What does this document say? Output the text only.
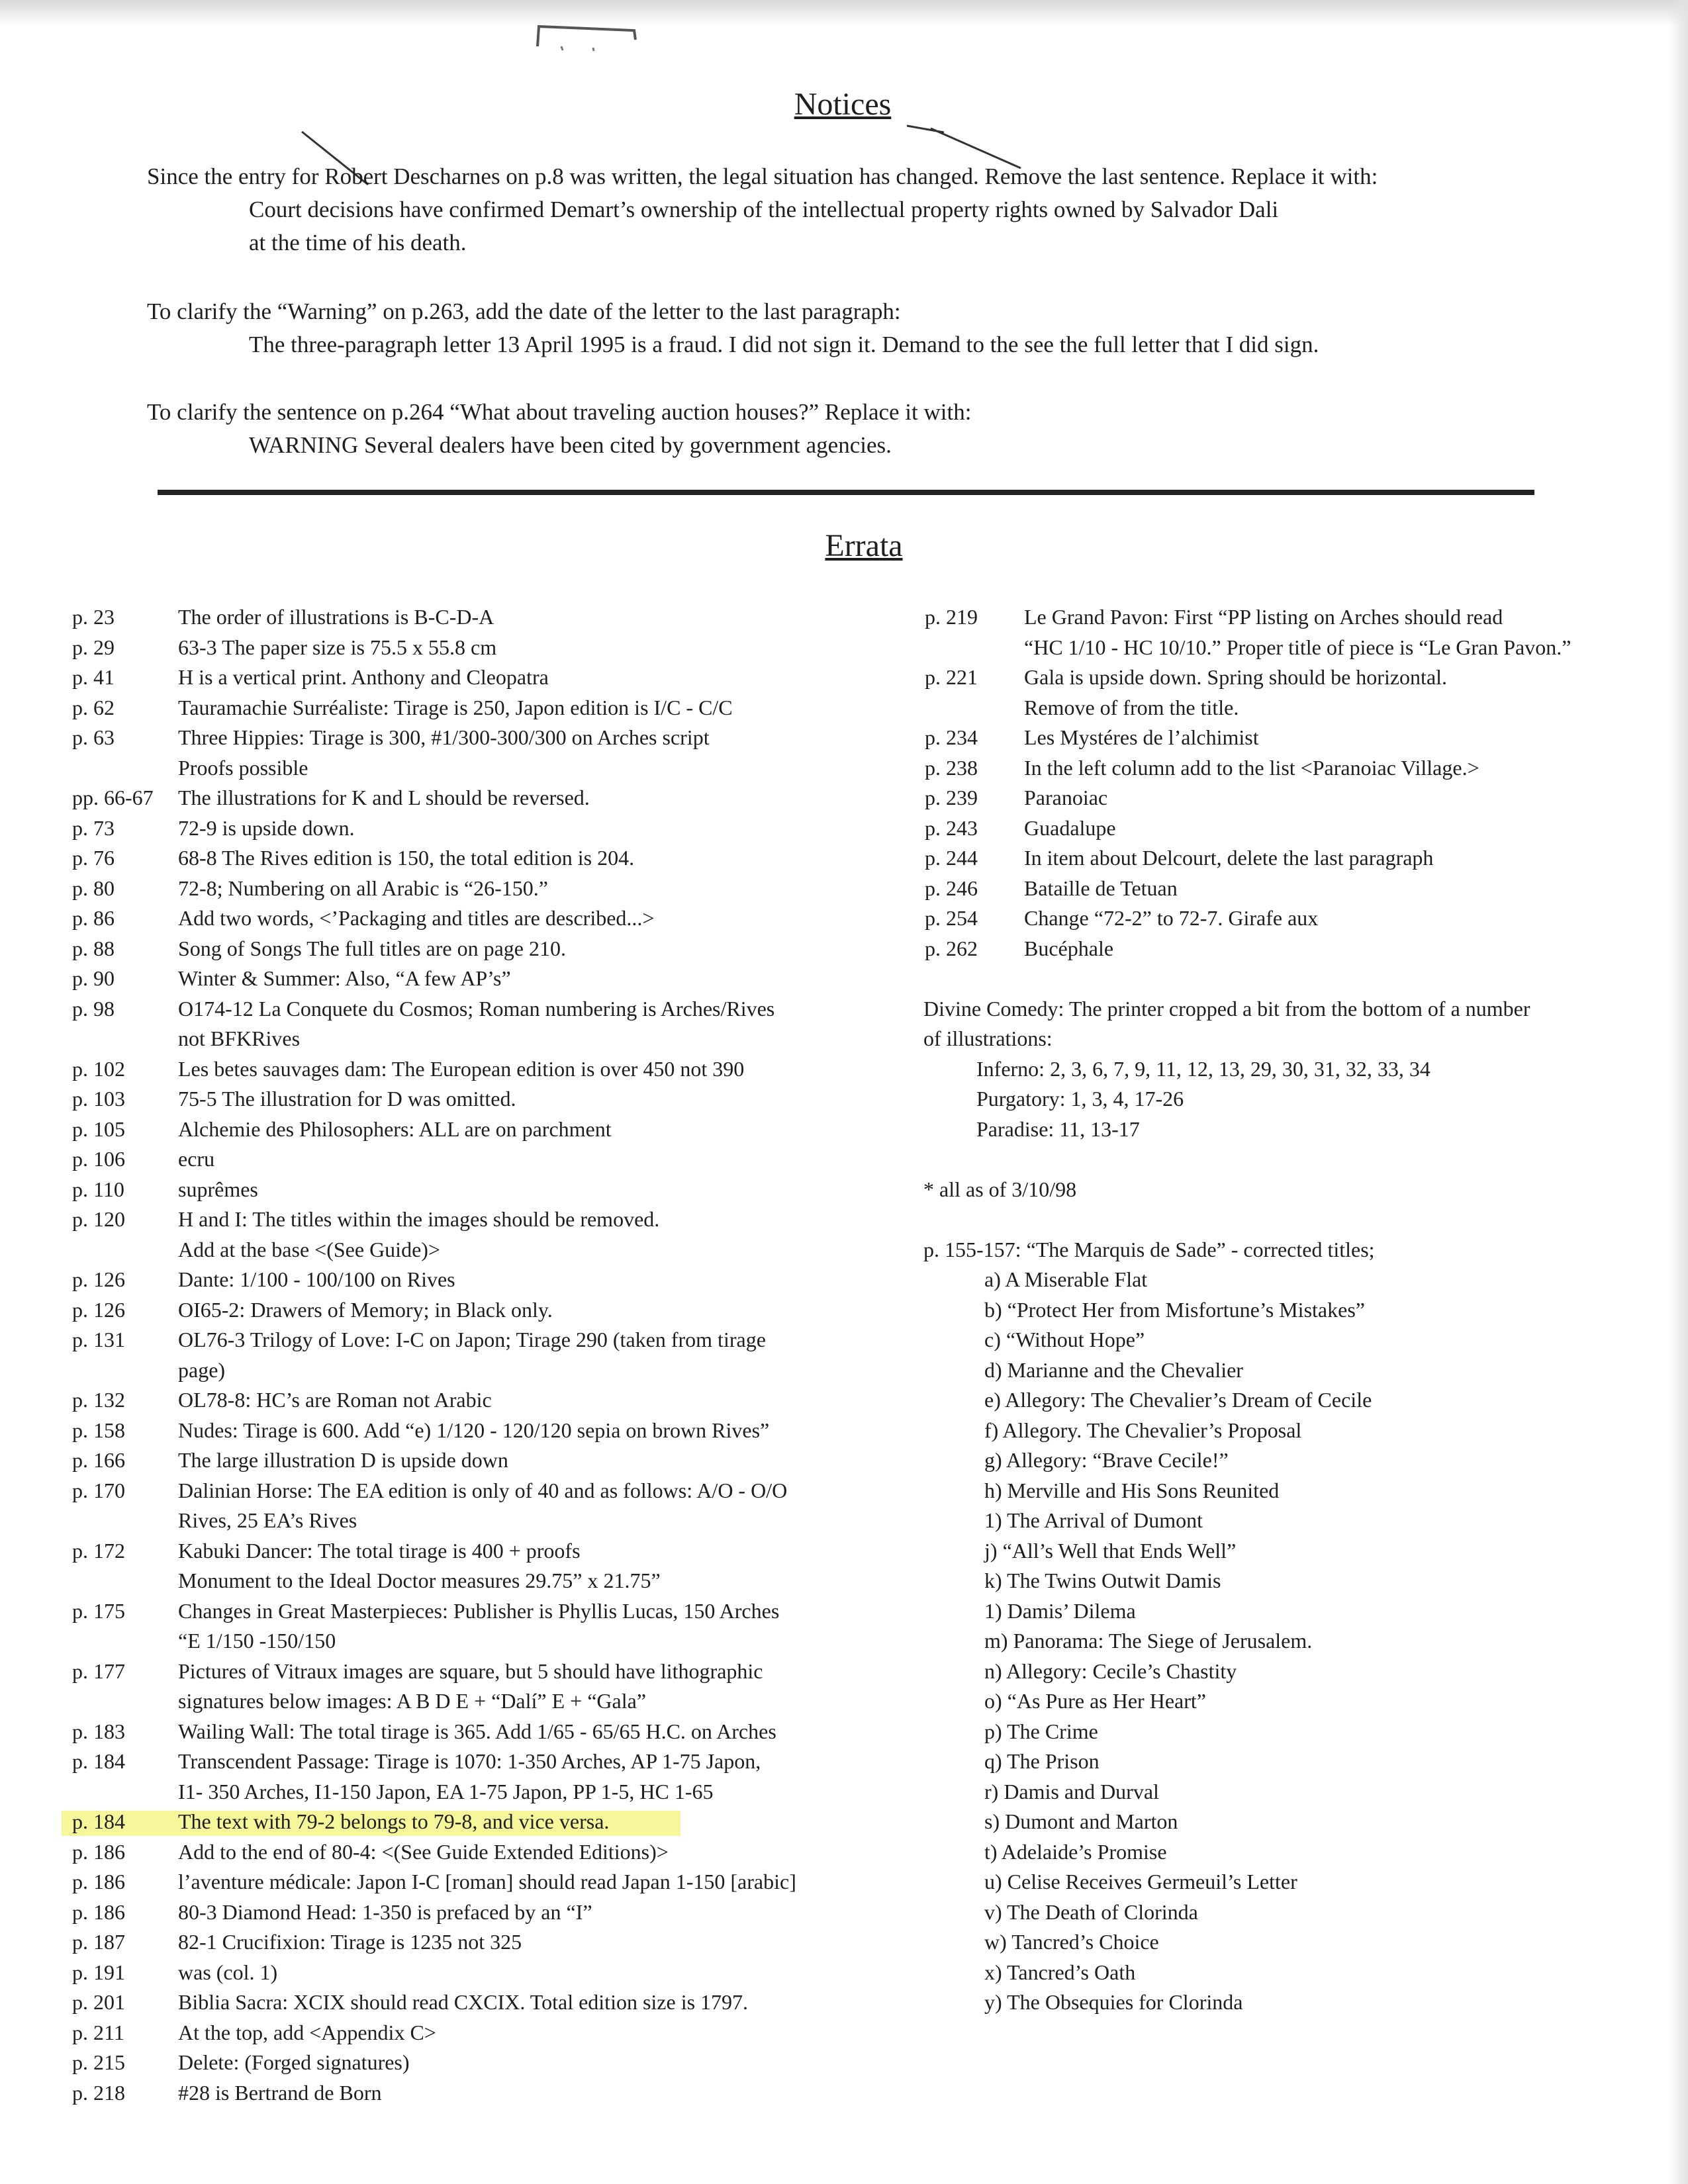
Notices

Since the entry for Robert Descharnes on p.8 was written, the legal situation has changed. Remove the last sentence. Replace it with:

Court decisions have confirmed Demart’s ownership of the intellectual property rights owned by Salvador Dali

at the time of his death.

To clarify the “Warning” on p.263, add the date of the letter to the last paragraph:

The three-paragraph letter 13 April 1995 is a fraud. I did not sign it. Demand to the see the full letter that I did sign.

To clarify the sentence on p.264 “What about traveling auction houses?” Replace it with:

WARNING Several dealers have been cited by government agencies.

Errata
p. 23	The order of illustrations is B-C-D-A
p. 29	63-3 The paper size is 75.5 x 55.8 cm
p. 41	H is a vertical print. Anthony and Cleopatra
p. 62	Tauramachie Surréaliste: Tirage is 250, Japon edition is I/C - C/C
p. 63	Three Hippies: Tirage is 300, #1/300-300/300 on Arches script
Proofs possible
pp. 66-67	The illustrations for K and L should be reversed.
p. 73	72-9 is upside down.
p. 76	68-8 The Rives edition is 150, the total edition is 204.
p. 80	72-8; Numbering on all Arabic is “26-150.”
p. 86	Add two words, <’Packaging and titles are described...>
p. 88	Song of Songs The full titles are on page 210.
p. 90	Winter & Summer: Also, “A few AP’s”
p. 98	O174-12 La Conquete du Cosmos; Roman numbering is Arches/Rives
not BFKRives
p. 102	Les betes sauvages dam: The European edition is over 450 not 390
p. 103	75-5 The illustration for D was omitted.
p. 105	Alchemie des Philosophers: ALL are on parchment
p. 106	ecru
p. 110	suprêmes
p. 120	H and I: The titles within the images should be removed.
Add at the base <(See Guide)>
p. 126	Dante: 1/100 - 100/100 on Rives
p. 126	OI65-2: Drawers of Memory; in Black only.
p. 131	OL76-3 Trilogy of Love: I-C on Japon; Tirage 290 (taken from tirage
page)
p. 132	OL78-8: HC’s are Roman not Arabic
p. 158	Nudes: Tirage is 600. Add “e) 1/120 - 120/120 sepia on brown Rives”
p. 166	The large illustration D is upside down
p. 170	Dalinian Horse: The EA edition is only of 40 and as follows: A/O - O/O
Rives, 25 EA’s Rives
p. 172	Kabuki Dancer: The total tirage is 400 + proofs
Monument to the Ideal Doctor measures 29.75” x 21.75”
p. 175	Changes in Great Masterpieces: Publisher is Phyllis Lucas, 150 Arches
“E 1/150 -150/150
p. 177	Pictures of Vitraux images are square, but 5 should have lithographic
signatures below images: A B D E + “Dalí” E + “Gala”
p. 183	Wailing Wall: The total tirage is 365. Add 1/65 - 65/65 H.C. on Arches
p. 184	Transcendent Passage: Tirage is 1070: 1-350 Arches, AP 1-75 Japon,
I1- 350 Arches, I1-150 Japon, EA 1-75 Japon, PP 1-5, HC 1-65
p. 184	The text with 79-2 belongs to 79-8, and vice versa.
p. 186	Add to the end of 80-4: <(See Guide Extended Editions)>
p. 186	l’aventure médicale: Japon I-C [roman] should read Japan 1-150 [arabic]
p. 186	80-3 Diamond Head: 1-350 is prefaced by an “I”
p. 187	82-1 Crucifixion: Tirage is 1235 not 325
p. 191	was (col. 1)
p. 201	Biblia Sacra: XCIX should read CXCIX. Total edition size is 1797.
p. 211	At the top, add <Appendix C>
p. 215	Delete: (Forged signatures)
p. 218	#28 is Bertrand de Born
p. 219	Le Grand Pavon: First “PP listing on Arches should read
“HC 1/10 - HC 10/10.” Proper title of piece is “Le Gran Pavon.”
p. 221	Gala is upside down. Spring should be horizontal.
Remove of from the title.
p. 234	Les Mystéres de l’alchimist
p. 238	In the left column add to the list <Paranoiac Village.>
p. 239	Paranoiac
p. 243	Guadalupe
p. 244	In item about Delcourt, delete the last paragraph
p. 246	Bataille de Tetuan
p. 254	Change “72-2” to 72-7. Girafe aux
p. 262	Bucéphale

Divine Comedy: The printer cropped a bit from the bottom of a number

of illustrations:

Inferno: 2, 3, 6, 7, 9, 11, 12, 13, 29, 30, 31, 32, 33, 34

Purgatory: 1, 3, 4, 17-26

Paradise: 11, 13-17

* all as of 3/10/98

p. 155-157: “The Marquis de Sade” - corrected titles;

a) A Miserable Flat

b) “Protect Her from Misfortune’s Mistakes”

c) “Without Hope”

d) Marianne and the Chevalier

e) Allegory: The Chevalier’s Dream of Cecile

f) Allegory. The Chevalier’s Proposal

g) Allegory: “Brave Cecile!”

h) Merville and His Sons Reunited

1) The Arrival of Dumont

j) “All’s Well that Ends Well”

k) The Twins Outwit Damis

1) Damis’ Dilema

m) Panorama: The Siege of Jerusalem.

n) Allegory: Cecile’s Chastity

o) “As Pure as Her Heart”

p) The Crime

q) The Prison

r) Damis and Durval

s) Dumont and Marton

t) Adelaide’s Promise

u) Celise Receives Germeuil’s Letter

v) The Death of Clorinda

w) Tancred’s Choice

x) Tancred’s Oath

y) The Obsequies for Clorinda
